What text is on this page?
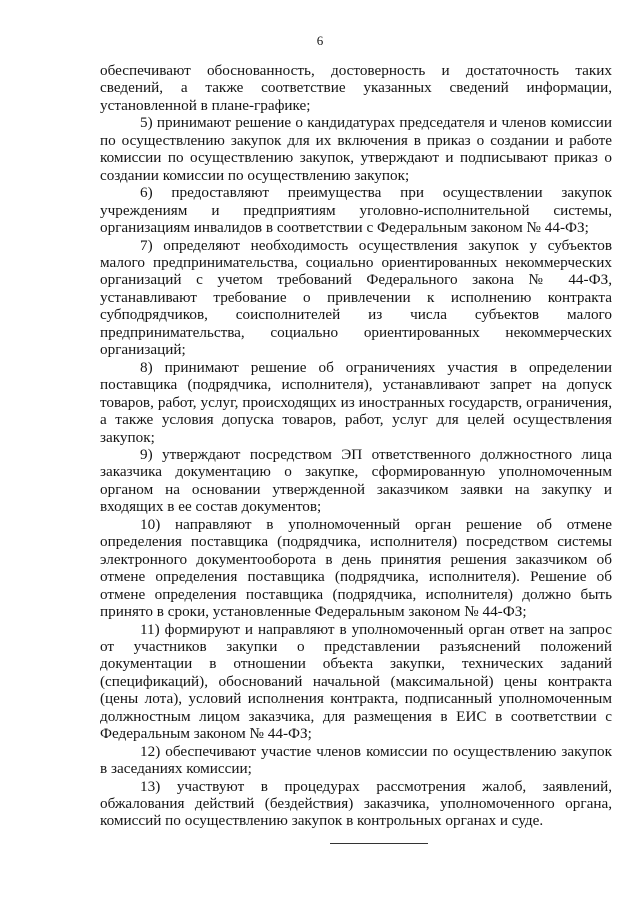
6

обеспечивают обоснованность, достоверность и достаточность таких сведений, а также соответствие указанных сведений информации, установленной в плане-графике;

5) принимают решение о кандидатурах председателя и членов комиссии по осуществлению закупок для их включения в приказ о создании и работе комиссии по осуществлению закупок, утверждают и подписывают приказ о создании комиссии по осуществлению закупок;

6) предоставляют преимущества при осуществлении закупок учреждениям и предприятиям уголовно-исполнительной системы, организациям инвалидов в соответствии с Федеральным законом № 44-ФЗ;

7) определяют необходимость осуществления закупок у субъектов малого предпринимательства, социально ориентированных некоммерческих организаций с учетом требований Федерального закона № 44-ФЗ, устанавливают требование о привлечении к исполнению контракта субподрядчиков, соисполнителей из числа субъектов малого предпринимательства, социально ориентированных некоммерческих организаций;

8) принимают решение об ограничениях участия в определении поставщика (подрядчика, исполнителя), устанавливают запрет на допуск товаров, работ, услуг, происходящих из иностранных государств, ограничения, а также условия допуска товаров, работ, услуг для целей осуществления закупок;

9) утверждают посредством ЭП ответственного должностного лица заказчика документацию о закупке, сформированную уполномоченным органом на основании утвержденной заказчиком заявки на закупку и входящих в ее состав документов;

10) направляют в уполномоченный орган решение об отмене определения поставщика (подрядчика, исполнителя) посредством системы электронного документооборота в день принятия решения заказчиком об отмене определения поставщика (подрядчика, исполнителя). Решение об отмене определения поставщика (подрядчика, исполнителя) должно быть принято в сроки, установленные Федеральным законом № 44-ФЗ;

11) формируют и направляют в уполномоченный орган ответ на запрос от участников закупки о представлении разъяснений положений документации в отношении объекта закупки, технических заданий (спецификаций), обоснований начальной (максимальной) цены контракта (цены лота), условий исполнения контракта, подписанный уполномоченным должностным лицом заказчика, для размещения в ЕИС в соответствии с Федеральным законом № 44-ФЗ;

12) обеспечивают участие членов комиссии по осуществлению закупок в заседаниях комиссии;

13) участвуют в процедурах рассмотрения жалоб, заявлений, обжалования действий (бездействия) заказчика, уполномоченного органа, комиссий по осуществлению закупок в контрольных органах и суде.
